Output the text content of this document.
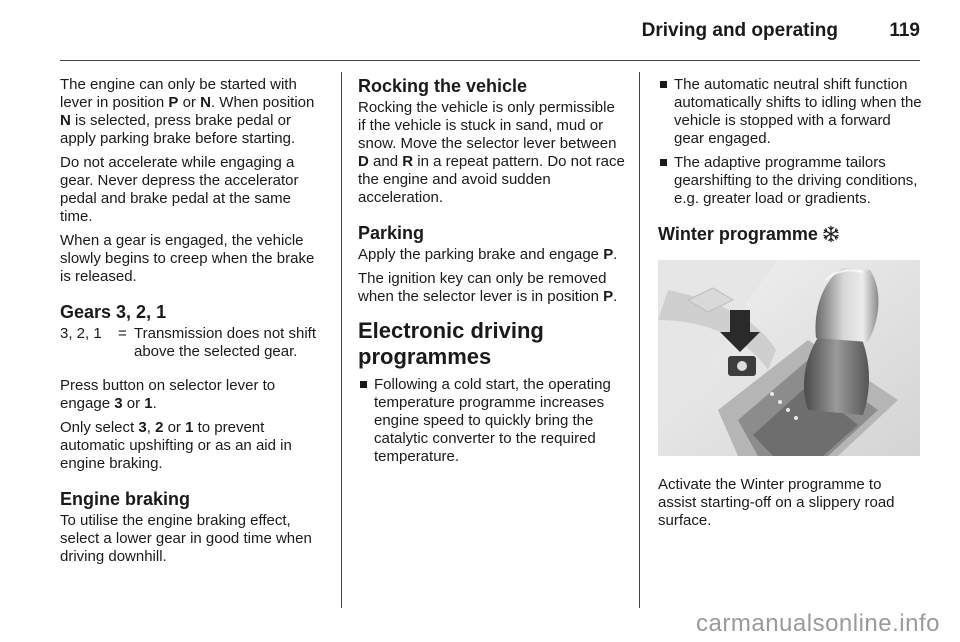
Driving and operating	119

The engine can only be started with lever in position P or N. When position N is selected, press brake pedal or apply parking brake before starting.

Do not accelerate while engaging a gear. Never depress the accelerator pedal and brake pedal at the same time.

When a gear is engaged, the vehicle slowly begins to creep when the brake is released.

Gears 3, 2, 1
3, 2, 1	= Transmission does not shift above the selected gear.

Press button on selector lever to engage 3 or 1.

Only select 3, 2 or 1 to prevent automatic upshifting or as an aid in engine braking.

Engine braking

To utilise the engine braking effect, select a lower gear in good time when driving downhill.

Rocking the vehicle

Rocking the vehicle is only permissible if the vehicle is stuck in sand, mud or snow. Move the selector lever between D and R in a repeat pattern. Do not race the engine and avoid sudden acceleration.

Parking

Apply the parking brake and engage P.

The ignition key can only be removed when the selector lever is in position P.

Electronic driving programmes
Following a cold start, the operating temperature programme increases engine speed to quickly bring the catalytic converter to the required temperature.
The automatic neutral shift function automatically shifts to idling when the vehicle is stopped with a forward gear engaged.
The adaptive programme tailors gearshifting to the driving conditions, e.g. greater load or gradients.
Winter programme

Activate the Winter programme to assist starting-off on a slippery road surface.

carmanualsonline.info
